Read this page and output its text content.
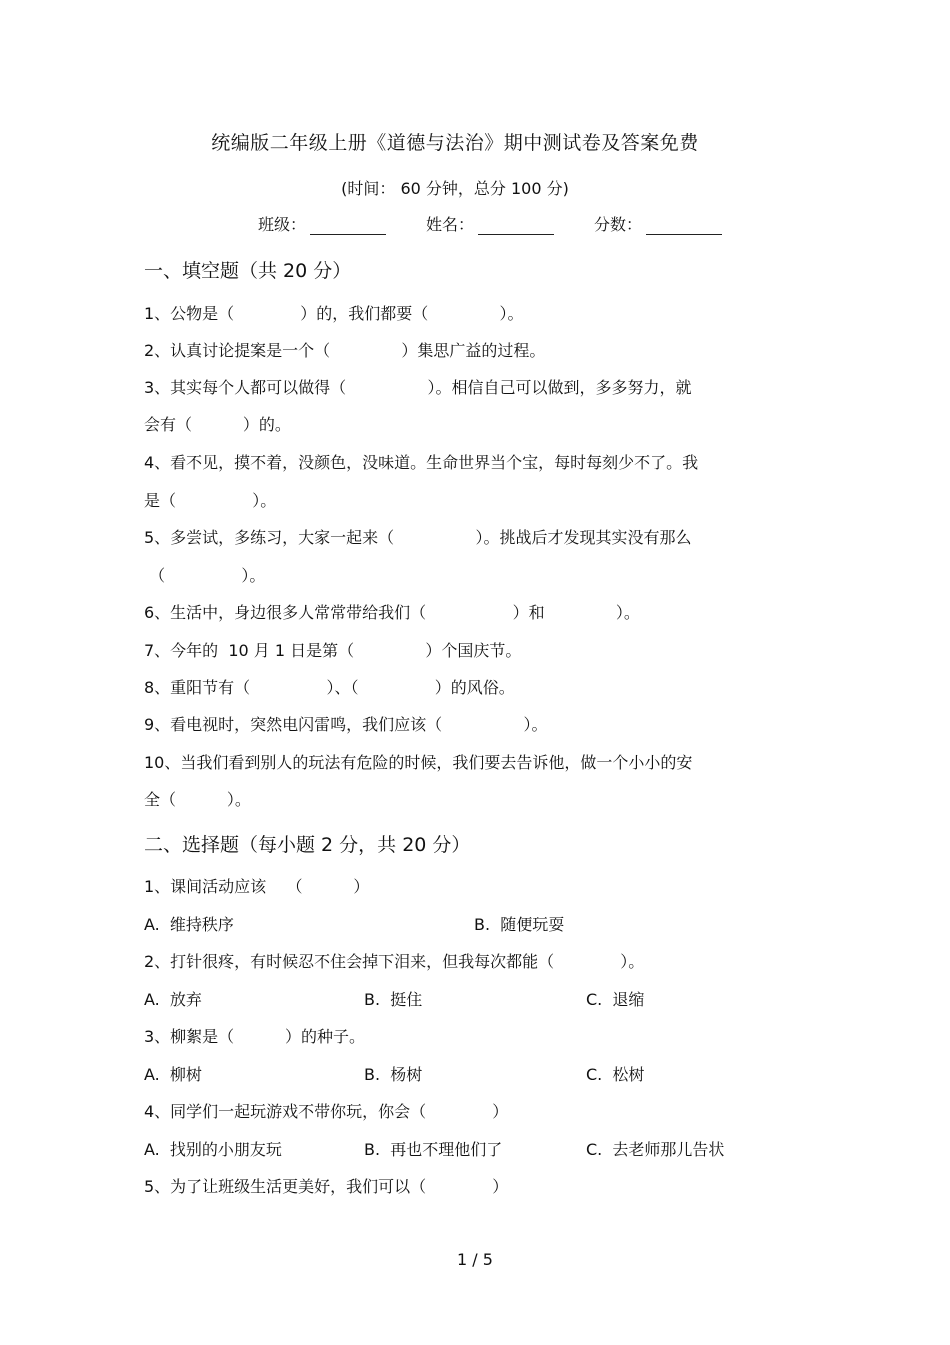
统编版二年级上册《道德与法治》期中测试卷及答案免费
(时间： 60 分钟，总分 100 分)
班级：	姓名：	分数：
一、填空题（共 20 分）
1、公物是（             ）的，我们都要（              ）。
2、认真讨论提案是一个（              ）集思广益的过程。
3、其实每个人都可以做得（                ）。相信自己可以做到，多多努力，就
会有（          ）的。
4、看不见，摸不着，没颜色，没味道。生命世界当个宝，每时每刻少不了。我
是（               ）。
5、多尝试，多练习，大家一起来（                ）。挑战后才发现其实没有那么
（               ）。
6、生活中，身边很多人常常带给我们（                 ）和              ）。
7、今年的  10 月 1 日是第（              ）个国庆节。
8、重阳节有（               ）、（               ）的风俗。
9、看电视时，突然电闪雷鸣，我们应该（                ）。
10、当我们看到别人的玩法有危险的时候，我们要去告诉他，做一个小小的安
全（          ）。
二、选择题（每小题 2 分，共 20 分）
1、课间活动应该    （          ）
A.  维持秩序	B.  随便玩耍
2、打针很疼，有时候忍不住会掉下泪来，但我每次都能（             ）。
A.  放弃	B.  挺住	C.  退缩
3、柳絮是（          ）的种子。
A.  柳树	B.  杨树	C.  松树
4、同学们一起玩游戏不带你玩，你会（             ）
A.  找别的小朋友玩	B.  再也不理他们了	C.  去老师那儿告状
5、为了让班级生活更美好，我们可以（             ）
1 / 5
